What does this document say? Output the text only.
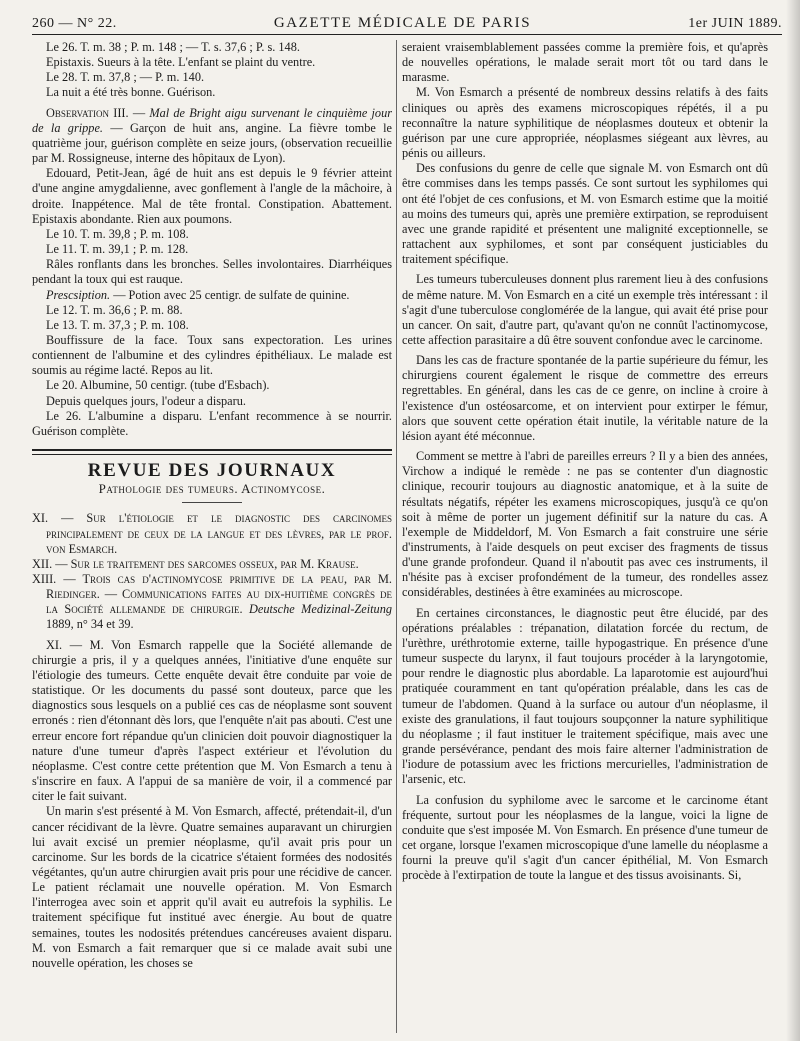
260 — N° 22.	GAZETTE MÉDICALE DE PARIS	1er JUIN 1889.

Le 26. T. m. 38 ; P. m. 148 ; — T. s. 37,6 ; P. s. 148.

Epistaxis. Sueurs à la tête. L'enfant se plaint du ventre.

Le 28. T. m. 37,8 ; — P. m. 140.

La nuit a été très bonne. Guérison.

Observation III. — Mal de Bright aigu survenant le cinquième jour de la grippe. — Garçon de huit ans, angine. La fièvre tombe le quatrième jour, guérison complète en seize jours, (observation recueillie par M. Rossigneuse, interne des hôpitaux de Lyon).

Edouard, Petit-Jean, âgé de huit ans est depuis le 9 février atteint d'une angine amygdalienne, avec gonflement à l'angle de la mâchoire, à droite. Inappétence. Mal de tête frontal. Constipation. Abattement. Epistaxis abondante. Rien aux poumons.

Le 10. T. m. 39,8 ; P. m. 108.

Le 11. T. m. 39,1 ; P. m. 128.

Râles ronflants dans les bronches. Selles involontaires. Diarrhéiques pendant la toux qui est rauque.

Prescsiption. — Potion avec 25 centigr. de sulfate de quinine.

Le 12. T. m. 36,6 ; P. m. 88.

Le 13. T. m. 37,3 ; P. m. 108.

Bouffissure de la face. Toux sans expectoration. Les urines contiennent de l'albumine et des cylindres épithéliaux. Le malade est soumis au régime lacté. Repos au lit.

Le 20. Albumine, 50 centigr. (tube d'Esbach).

Depuis quelques jours, l'odeur a disparu.

Le 26. L'albumine a disparu. L'enfant recommence à se nourrir. Guérison complète.

REVUE DES JOURNAUX

Pathologie des tumeurs. Actinomycose.

XI. — Sur l'étiologie et le diagnostic des carcinomes principalement de ceux de la langue et des lèvres, par le prof. von Esmarch.

XII. — Sur le traitement des sarcomes osseux, par M. Krause.

XIII. — Trois cas d'actinomycose primitive de la peau, par M. Riedinger. — Communications faites au dix-huitième congrès de la Société allemande de chirurgie. Deutsche Medizinal-Zeitung 1889, n° 34 et 39.

XI. — M. Von Esmarch rappelle que la Société allemande de chirurgie a pris, il y a quelques années, l'initiative d'une enquête sur l'étiologie des tumeurs. Cette enquête devait être conduite par voie de statistique. Or les documents du passé sont douteux, parce que les diagnostics sous lesquels on a publié ces cas de néoplasme sont souvent erronés : rien d'étonnant dès lors, que l'enquête n'ait pas abouti. C'est une erreur encore fort répandue qu'un clinicien doit pouvoir diagnostiquer la nature d'une tumeur d'après l'aspect extérieur et l'évolution du néoplasme. C'est contre cette prétention que M. Von Esmarch a tenu à s'inscrire en faux. A l'appui de sa manière de voir, il a commencé par citer le fait suivant.

Un marin s'est présenté à M. Von Esmarch, affecté, prétendait-il, d'un cancer récidivant de la lèvre. Quatre semaines auparavant un chirurgien lui avait excisé un premier néoplasme, qu'il avait pris pour un carcinome. Sur les bords de la cicatrice s'étaient formées des nodosités végétantes, qu'un autre chirurgien avait pris pour une récidive de cancer. Le patient réclamait une nouvelle opération. M. Von Esmarch l'interrogea avec soin et apprit qu'il avait eu autrefois la syphilis. Le traitement spécifique fut institué avec énergie. Au bout de quatre semaines, toutes les nodosités prétendues cancéreuses avaient disparu. M. von Esmarch a fait remarquer que si ce malade avait subi une nouvelle opération, les choses se

seraient vraisemblablement passées comme la première fois, et qu'après de nouvelles opérations, le malade serait mort tôt ou tard dans le marasme.

M. Von Esmarch a présenté de nombreux dessins relatifs à des faits cliniques ou après des examens microscopiques répétés, il a pu reconnaître la nature syphilitique de néoplasmes douteux et obtenir la guérison par une cure appropriée, néoplasmes siégeant aux lèvres, au pénis ou ailleurs.

Des confusions du genre de celle que signale M. von Esmarch ont dû être commises dans les temps passés. Ce sont surtout les syphilomes qui ont été l'objet de ces confusions, et M. von Esmarch estime que la moitié au moins des tumeurs qui, après une première extirpation, se reproduisent avec une grande rapidité et présentent une malignité exceptionnelle, se rattachent aux syphilomes, et sont par conséquent justiciables du traitement spécifique.

Les tumeurs tuberculeuses donnent plus rarement lieu à des confusions de même nature. M. Von Esmarch en a cité un exemple très intéressant : il s'agit d'une tuberculose conglomérée de la langue, qui avait été prise pour un cancer. On sait, d'autre part, qu'avant qu'on ne connût l'actinomycose, cette affection parasitaire a dû être souvent confondue avec le carcinome.

Dans les cas de fracture spontanée de la partie supérieure du fémur, les chirurgiens courent également le risque de commettre des erreurs regrettables. En général, dans les cas de ce genre, on incline à croire à l'existence d'un ostéosarcome, et on intervient pour extirper le fémur, alors que souvent cette opération était inutile, la véritable nature de la lésion ayant été méconnue.

Comment se mettre à l'abri de pareilles erreurs ? Il y a bien des années, Virchow a indiqué le remède : ne pas se contenter d'un diagnostic clinique, recourir toujours au diagnostic anatomique, et à la suite de résultats négatifs, répéter les examens microscopiques, jusqu'à ce qu'on soit à même de porter un jugement définitif sur la nature du cas. A l'exemple de Middeldorf, M. Von Esmarch a fait construire une série d'instruments, à l'aide desquels on peut exciser des fragments de tissus d'une grande profondeur. Quand il n'aboutit pas avec ces instruments, il n'hésite pas à exciser profondément de la tumeur, des rondelles assez considérables, destinées à être examinées au microscope.

En certaines circonstances, le diagnostic peut être élucidé, par des opérations préalables : trépanation, dilatation forcée du rectum, de l'urèthre, uréthrotomie externe, taille hypogastrique. En présence d'une tumeur suspecte du larynx, il faut toujours procéder à la laryngotomie, pour rendre le diagnostic plus abordable. La laparotomie est aujourd'hui pratiquée couramment en tant qu'opération préalable, dans les cas de tumeur de l'abdomen. Quand à la surface ou autour d'un néoplasme, il existe des granulations, il faut toujours soupçonner la nature syphilitique du néoplasme ; il faut instituer le traitement spécifique, mais avec une grande persévérance, pendant des mois faire alterner l'administration de l'iodure de potassium avec les frictions mercurielles, l'administration de l'arsenic, etc.

La confusion du syphilome avec le sarcome et le carcinome étant fréquente, surtout pour les néoplasmes de la langue, voici la ligne de conduite que s'est imposée M. Von Esmarch. En présence d'une tumeur de cet organe, lorsque l'examen microscopique d'une lamelle du néoplasme a fourni la preuve qu'il s'agit d'un cancer épithélial, M. Von Esmarch procède à l'extirpation de toute la langue et des tissus avoisinants. Si,
